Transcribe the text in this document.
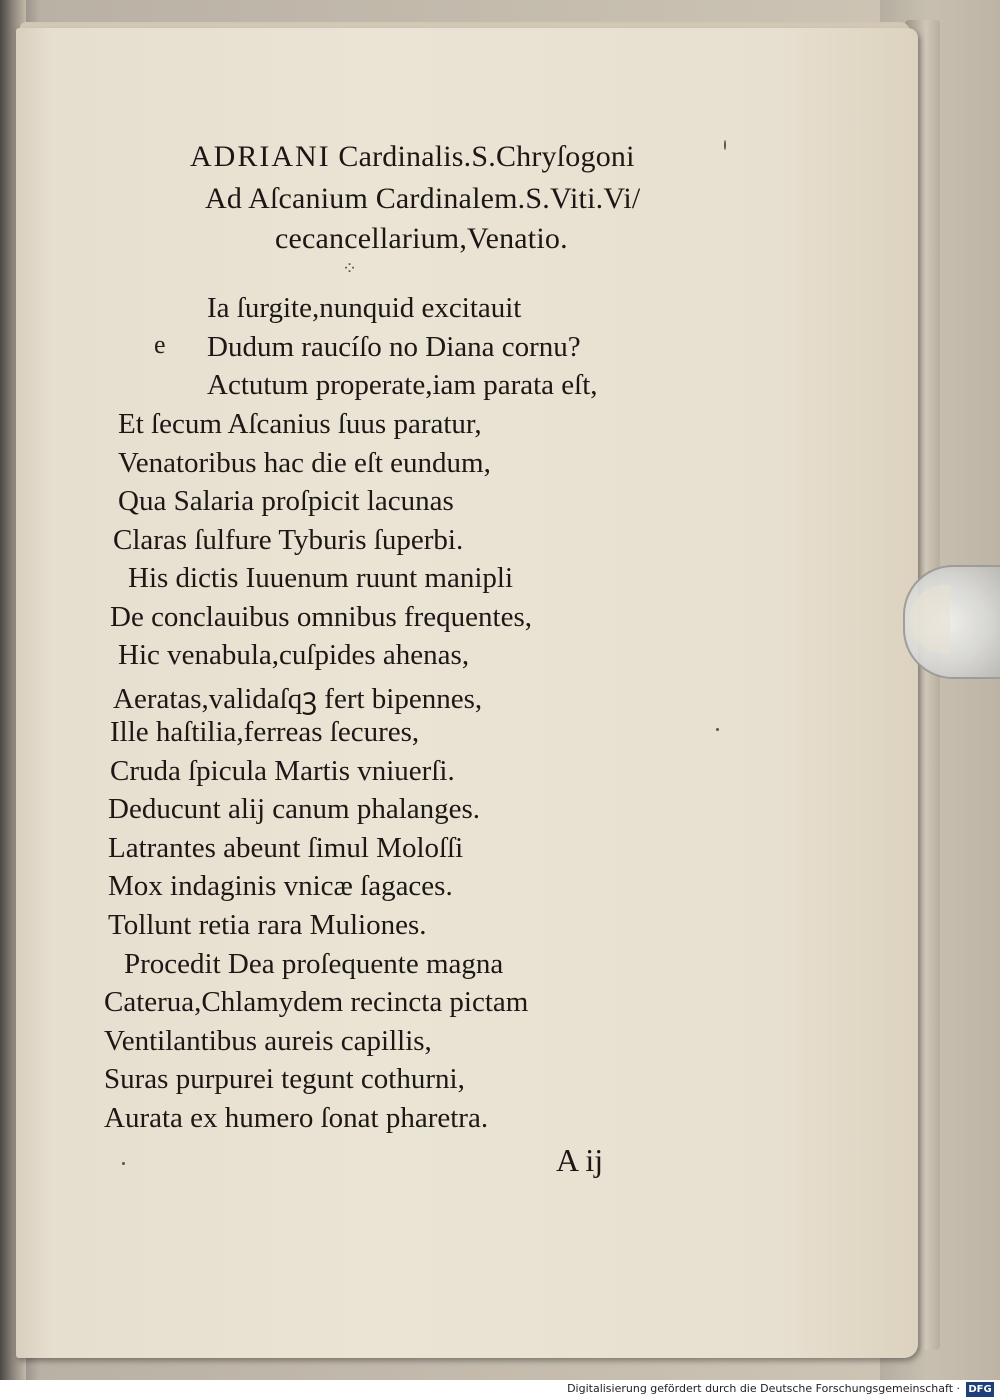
ADRIANI Cardinalis.S.Chryſogoni
Ad Aſcanium Cardinalem.S.Viti.Vi/
cecancellarium,Venatio.
⁘
e
Ia ſurgite,nunquid excitauit
Dudum raucíſo no Diana cornu?
Actutum properate,iam parata eſt,
Et ſecum Aſcanius ſuus paratur,
Venatoribus hac die eſt eundum,
Qua Salaria proſpicit lacunas
Claras ſulfure Tyburis ſuperbi.
His dictis Iuuenum ruunt manipli
De conclauibus omnibus frequentes,
Hic venabula,cuſpides ahenas,
Aeratas,validaſqꝫ fert bipennes,
Ille haſtilia,ferreas ſecures,
Cruda ſpicula Martis vniuerſi.
Deducunt alij canum phalanges.
Latrantes abeunt ſimul Moloſſi
Mox indaginis vnicæ ſagaces.
Tollunt retia rara Muliones.
Procedit Dea proſequente magna
Caterua,Chlamydem recincta pictam
Ventilantibus aureis capillis,
Suras purpurei tegunt cothurni,
Aurata ex humero ſonat pharetra.
A ij
Digitalisierung gefördert durch die Deutsche Forschungsgemeinschaft · DFG
